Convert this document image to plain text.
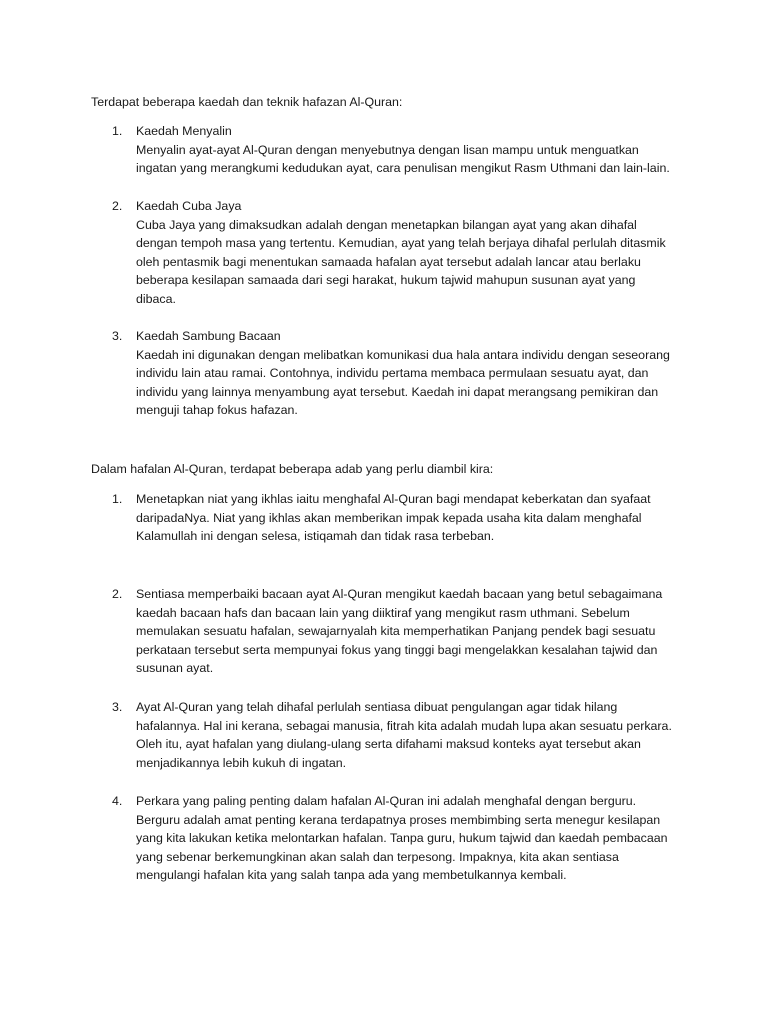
Terdapat beberapa kaedah dan teknik hafazan Al-Quran:

1.	Kaedah Menyalin
Menyalin ayat-ayat Al-Quran dengan menyebutnya dengan lisan mampu untuk menguatkan ingatan yang merangkumi kedudukan ayat, cara penulisan mengikut Rasm Uthmani dan lain-lain.
2.	Kaedah Cuba Jaya
Cuba Jaya yang dimaksudkan adalah dengan menetapkan bilangan ayat yang akan dihafal dengan tempoh masa yang tertentu. Kemudian, ayat yang telah berjaya dihafal perlulah ditasmik oleh pentasmik bagi menentukan samaada hafalan ayat tersebut adalah lancar atau berlaku beberapa kesilapan samaada dari segi harakat, hukum tajwid mahupun susunan ayat yang dibaca.
3.	Kaedah Sambung Bacaan
Kaedah ini digunakan dengan melibatkan komunikasi dua hala antara individu dengan seseorang individu lain atau ramai. Contohnya, individu pertama membaca permulaan sesuatu ayat, dan individu yang lainnya menyambung ayat tersebut. Kaedah ini dapat merangsang pemikiran dan menguji tahap fokus hafazan.

Dalam hafalan Al-Quran, terdapat beberapa adab yang perlu diambil kira:

1.	Menetapkan niat yang ikhlas iaitu menghafal Al-Quran bagi mendapat keberkatan dan syafaat daripadaNya. Niat yang ikhlas akan memberikan impak kepada usaha kita dalam menghafal Kalamullah ini dengan selesa, istiqamah dan tidak rasa terbeban.
2.	Sentiasa memperbaiki bacaan ayat Al-Quran mengikut kaedah bacaan yang betul sebagaimana kaedah bacaan hafs dan bacaan lain yang diiktiraf yang mengikut rasm uthmani. Sebelum memulakan sesuatu hafalan, sewajarnyalah kita memperhatikan Panjang pendek bagi sesuatu perkataan tersebut serta mempunyai fokus yang tinggi bagi mengelakkan kesalahan tajwid dan susunan ayat.
3.	Ayat Al-Quran yang telah dihafal perlulah sentiasa dibuat pengulangan agar tidak hilang hafalannya. Hal ini kerana, sebagai manusia, fitrah kita adalah mudah lupa akan sesuatu perkara. Oleh itu, ayat hafalan yang diulang-ulang serta difahami maksud konteks ayat tersebut akan menjadikannya lebih kukuh di ingatan.
4.	Perkara yang paling penting dalam hafalan Al-Quran ini adalah menghafal dengan berguru. Berguru adalah amat penting kerana terdapatnya proses membimbing serta menegur kesilapan yang kita lakukan ketika melontarkan hafalan. Tanpa guru, hukum tajwid dan kaedah pembacaan yang sebenar berkemungkinan akan salah dan terpesong. Impaknya, kita akan sentiasa mengulangi hafalan kita yang salah tanpa ada yang membetulkannya kembali.
